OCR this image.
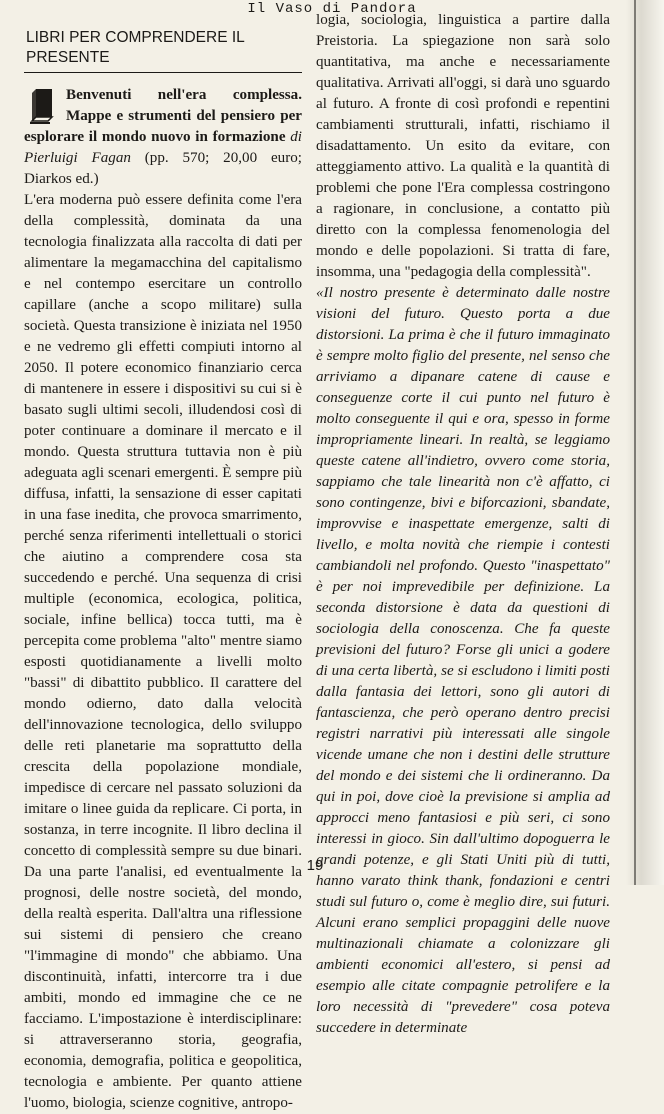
Il Vaso di Pandora
LIBRI PER COMPRENDERE IL PRESENTE

Benvenuti nell'era complessa. Mappe e strumenti del pensiero per esplorare il mondo nuovo in formazione di Pierluigi Fagan (pp. 570; 20,00 euro; Diarkos ed.)

L'era moderna può essere definita come l'era della complessità, dominata da una tecnologia finalizzata alla raccolta di dati per alimentare la megamacchina del capitalismo e nel contempo esercitare un controllo capillare (anche a scopo militare) sulla società. Questa transizione è iniziata nel 1950 e ne vedremo gli effetti compiuti intorno al 2050. Il potere economico finanziario cerca di mantenere in essere i dispositivi su cui si è basato sugli ultimi secoli, illudendosi così di poter continuare a dominare il mercato e il mondo. Questa struttura tuttavia non è più adeguata agli scenari emergenti. È sempre più diffusa, infatti, la sensazione di esser capitati in una fase inedita, che provoca smarrimento, perché senza riferimenti intellettuali o storici che aiutino a comprendere cosa sta succedendo e perché. Una sequenza di crisi multiple (economica, ecologica, politica, sociale, infine bellica) tocca tutti, ma è percepita come problema "alto" mentre siamo esposti quotidianamente a livelli molto "bassi" di dibattito pubblico. Il carattere del mondo odierno, dato dalla velocità dell'innovazione tecnologica, dello sviluppo delle reti planetarie ma soprattutto della crescita della popolazione mondiale, impedisce di cercare nel passato soluzioni da imitare o linee guida da replicare. Ci porta, in sostanza, in terre incognite. Il libro declina il concetto di complessità sempre su due binari. Da una parte l'analisi, ed eventualmente la prognosi, delle nostre società, del mondo, della realtà esperita. Dall'altra una riflessione sui sistemi di pensiero che creano "l'immagine di mondo" che abbiamo. Una discontinuità, infatti, intercorre tra i due ambiti, mondo ed immagine che ce ne facciamo. L'impostazione è interdisciplinare: si attraverseranno storia, geografia, economia, demografia, politica e geopolitica, tecnologia e ambiente. Per quanto attiene l'uomo, biologia, scienze cognitive, antropo-

logia, sociologia, linguistica a partire dalla Preistoria. La spiegazione non sarà solo quantitativa, ma anche e necessariamente qualitativa. Arrivati all'oggi, si darà uno sguardo al futuro. A fronte di così profondi e repentini cambiamenti strutturali, infatti, rischiamo il disadattamento. Un esito da evitare, con atteggiamento attivo. La qualità e la quantità di problemi che pone l'Era complessa costringono a ragionare, in conclusione, a contatto più diretto con la complessa fenomenologia del mondo e delle popolazioni. Si tratta di fare, insomma, una "pedagogia della complessità".

«Il nostro presente è determinato dalle nostre visioni del futuro. Questo porta a due distorsioni. La prima è che il futuro immaginato è sempre molto figlio del presente, nel senso che arriviamo a dipanare catene di cause e conseguenze corte il cui punto nel futuro è molto conseguente il qui e ora, spesso in forme impropriamente lineari. In realtà, se leggiamo queste catene all'indietro, ovvero come storia, sappiamo che tale linearità non c'è affatto, ci sono contingenze, bivi e biforcazioni, sbandate, improvvise e inaspettate emergenze, salti di livello, e molta novità che riempie i contesti cambiandoli nel profondo. Questo "inaspettato" è per noi imprevedibile per definizione. La seconda distorsione è data da questioni di sociologia della conoscenza. Che fa queste previsioni del futuro? Forse gli unici a godere di una certa libertà, se si escludono i limiti posti dalla fantasia dei lettori, sono gli autori di fantascienza, che però operano dentro precisi registri narrativi più interessati alle singole vicende umane che non i destini delle strutture del mondo e dei sistemi che li ordineranno. Da qui in poi, dove cioè la previsione si amplia ad approcci meno fantasiosi e più seri, ci sono interessi in gioco. Sin dall'ultimo dopoguerra le grandi potenze, e gli Stati Uniti più di tutti, hanno varato think thank, fondazioni e centri studi sul futuro o, come è meglio dire, sui futuri. Alcuni erano semplici propaggini delle nuove multinazionali chiamate a colonizzare gli ambienti economici all'estero, si pensi ad esempio alle citate compagnie petrolifere e la loro necessità di "prevedere" cosa poteva succedere in determinate

19
